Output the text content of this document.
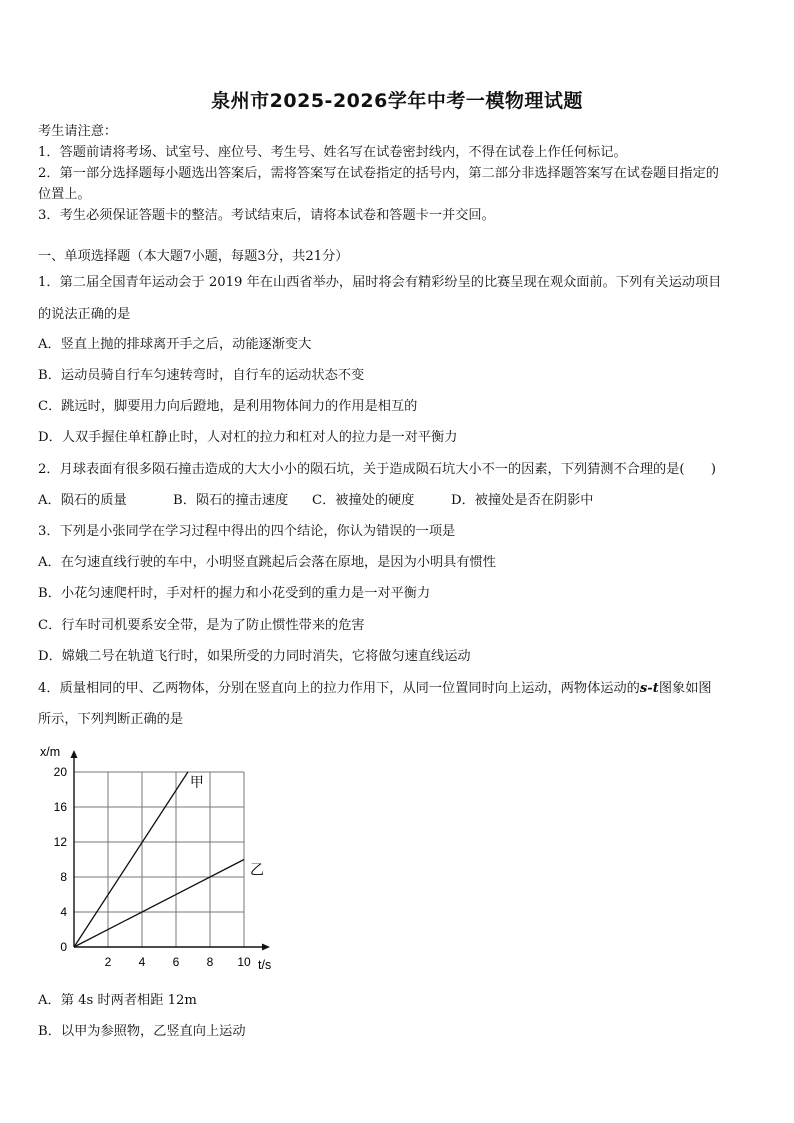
泉州市2025-2026学年中考一模物理试题
考生请注意：
1．答题前请将考场、试室号、座位号、考生号、姓名写在试卷密封线内，不得在试卷上作任何标记。
2．第一部分选择题每小题选出答案后，需将答案写在试卷指定的括号内，第二部分非选择题答案写在试卷题目指定的
位置上。
3．考生必须保证答题卡的整洁。考试结束后，请将本试卷和答题卡一并交回。
一、单项选择题（本大题7小题，每题3分，共21分）
1．第二届全国青年运动会于 2019 年在山西省举办，届时将会有精彩纷呈的比赛呈现在观众面前。下列有关运动项目
的说法正确的是
A．竖直上抛的排球离开手之后，动能逐渐变大
B．运动员骑自行车匀速转弯时，自行车的运动状态不变
C．跳远时，脚要用力向后蹬地，是利用物体间力的作用是相互的
D．人双手握住单杠静止时，人对杠的拉力和杠对人的拉力是一对平衡力
2．月球表面有很多陨石撞击造成的大大小小的陨石坑，关于造成陨石坑大小不一的因素，下列猜测不合理的是(　　)
A．陨石的质量	B．陨石的撞击速度 C．被撞处的硬度	D．被撞处是否在阴影中
3．下列是小张同学在学习过程中得出的四个结论，你认为错误的一项是
A．在匀速直线行驶的车中，小明竖直跳起后会落在原地，是因为小明具有惯性
B．小花匀速爬杆时，手对杆的握力和小花受到的重力是一对平衡力
C．行车时司机要系安全带，是为了防止惯性带来的危害
D．嫦娥二号在轨道飞行时，如果所受的力同时消失，它将做匀速直线运动
4．质量相同的甲、乙两物体，分别在竖直向上的拉力作用下，从同一位置同时向上运动，两物体运动的s-t图象如图
所示，下列判断正确的是
2 4 6 8 10
0
4
8
12
16
20
t/s
x/m
甲
乙
A．第 4s 时两者相距 12m
B．以甲为参照物，乙竖直向上运动
